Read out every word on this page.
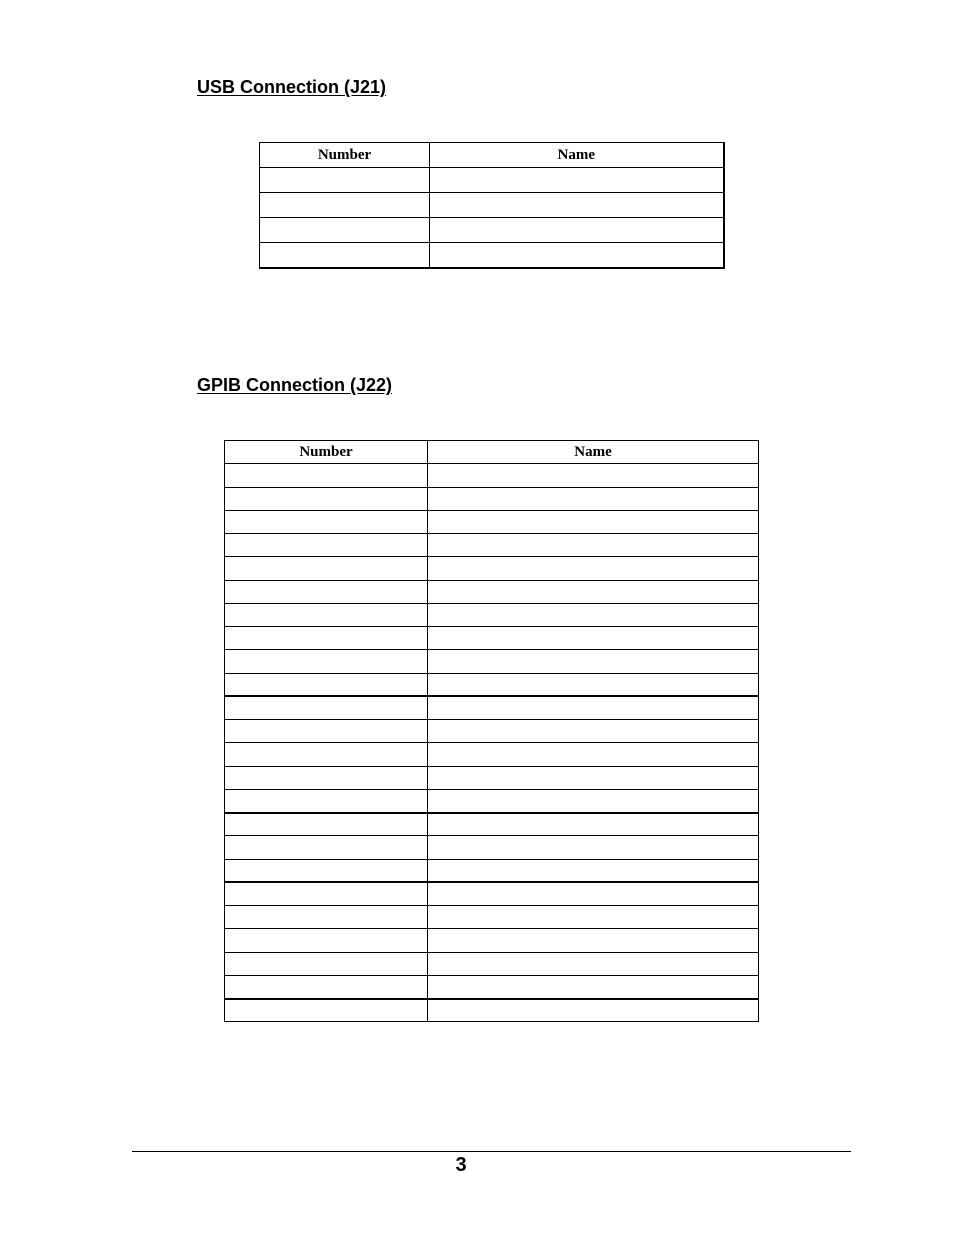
USB Connection (J21)
Number	Name

GPIB Connection (J22)
Number	Name

3
